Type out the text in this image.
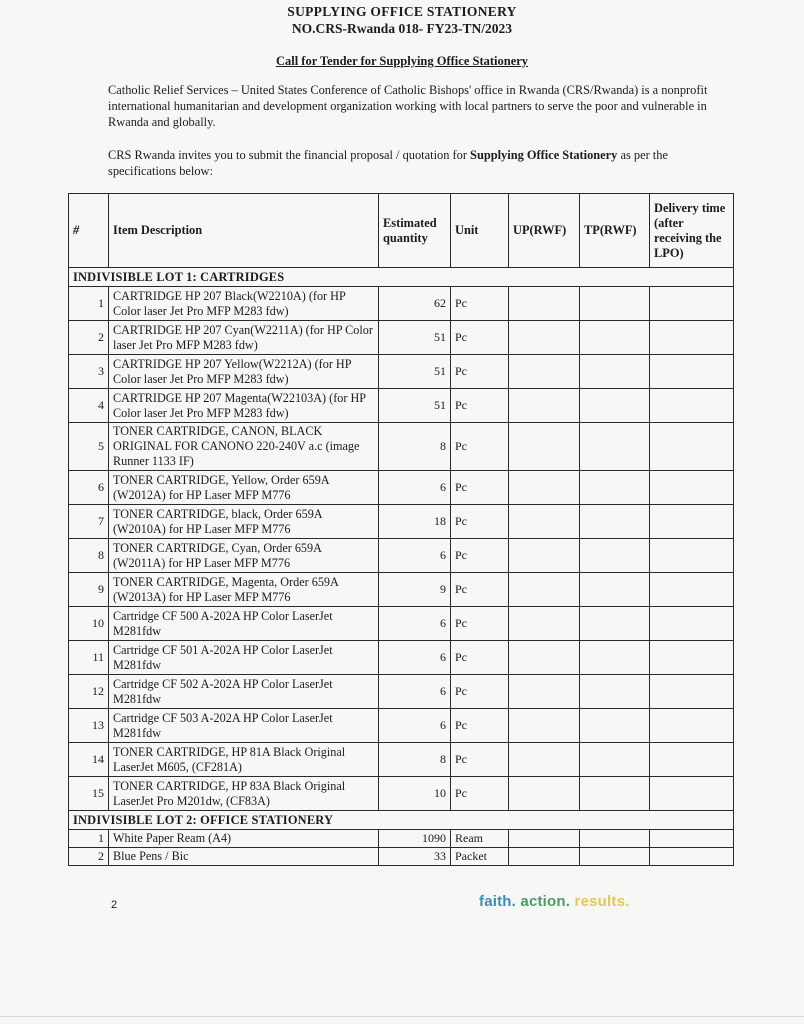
SUPPLYING OFFICE STATIONERY
NO.CRS-Rwanda 018- FY23-TN/2023
Call for Tender for Supplying Office Stationery
Catholic Relief Services – United States Conference of Catholic Bishops' office in Rwanda (CRS/Rwanda) is a nonprofit international humanitarian and development organization working with local partners to serve the poor and vulnerable in Rwanda and globally.
CRS Rwanda invites you to submit the financial proposal / quotation for Supplying Office Stationery as per the specifications below:
#	Item Description	Estimated quantity	Unit	UP(RWF)	TP(RWF)	Delivery time (after receiving the LPO)
INDIVISIBLE LOT 1: CARTRIDGES						
1	CARTRIDGE HP 207 Black(W2210A) (for HP Color laser Jet Pro MFP M283 fdw)	62	Pc			
2	CARTRIDGE HP 207 Cyan(W2211A) (for HP Color laser Jet Pro MFP M283 fdw)	51	Pc			
3	CARTRIDGE HP 207 Yellow(W2212A) (for HP Color laser Jet Pro MFP M283 fdw)	51	Pc			
4	CARTRIDGE HP 207 Magenta(W22103A) (for HP Color laser Jet Pro MFP M283 fdw)	51	Pc			
5	TONER CARTRIDGE, CANON, BLACK ORIGINAL FOR CANONO 220-240V a.c (image Runner 1133 IF)	8	Pc			
6	TONER CARTRIDGE, Yellow, Order 659A (W2012A) for HP Laser MFP M776	6	Pc			
7	TONER CARTRIDGE, black, Order 659A (W2010A) for HP Laser MFP M776	18	Pc			
8	TONER CARTRIDGE, Cyan, Order 659A (W2011A) for HP Laser MFP M776	6	Pc			
9	TONER CARTRIDGE, Magenta, Order 659A (W2013A) for HP Laser MFP M776	9	Pc			
10	Cartridge CF 500 A-202A HP Color LaserJet M281fdw	6	Pc			
11	Cartridge CF 501 A-202A HP Color LaserJet M281fdw	6	Pc			
12	Cartridge CF 502 A-202A HP Color LaserJet M281fdw	6	Pc			
13	Cartridge CF 503 A-202A HP Color LaserJet M281fdw	6	Pc			
14	TONER CARTRIDGE, HP 81A Black Original LaserJet M605, (CF281A)	8	Pc			
15	TONER CARTRIDGE, HP 83A Black Original LaserJet Pro M201dw, (CF83A)	10	Pc			
INDIVISIBLE LOT 2: OFFICE STATIONERY						
1	White Paper Ream (A4)	1090	Ream			
2	Blue Pens / Bic	33	Packet			
2	faith. action. results.
